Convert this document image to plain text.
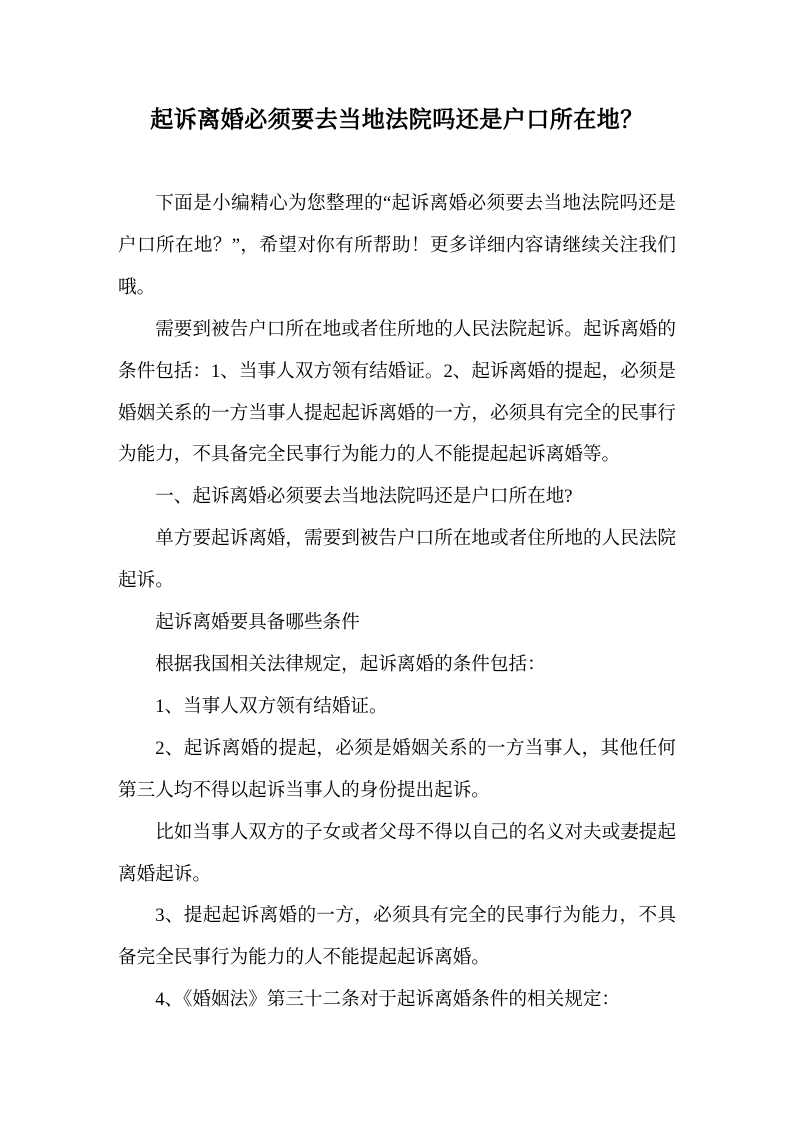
起诉离婚必须要去当地法院吗还是户口所在地？

下面是小编精心为您整理的“起诉离婚必须要去当地法院吗还是户口所在地？”，希望对你有所帮助！更多详细内容请继续关注我们哦。

需要到被告户口所在地或者住所地的人民法院起诉。起诉离婚的条件包括：1、当事人双方领有结婚证。2、起诉离婚的提起，必须是婚姻关系的一方当事人提起起诉离婚的一方，必须具有完全的民事行为能力，不具备完全民事行为能力的人不能提起起诉离婚等。

一、起诉离婚必须要去当地法院吗还是户口所在地?

单方要起诉离婚，需要到被告户口所在地或者住所地的人民法院起诉。

起诉离婚要具备哪些条件

根据我国相关法律规定，起诉离婚的条件包括：

1、当事人双方领有结婚证。

2、起诉离婚的提起，必须是婚姻关系的一方当事人，其他任何第三人均不得以起诉当事人的身份提出起诉。

比如当事人双方的子女或者父母不得以自己的名义对夫或妻提起离婚起诉。

3、提起起诉离婚的一方，必须具有完全的民事行为能力，不具备完全民事行为能力的人不能提起起诉离婚。

4、《婚姻法》第三十二条对于起诉离婚条件的相关规定：
